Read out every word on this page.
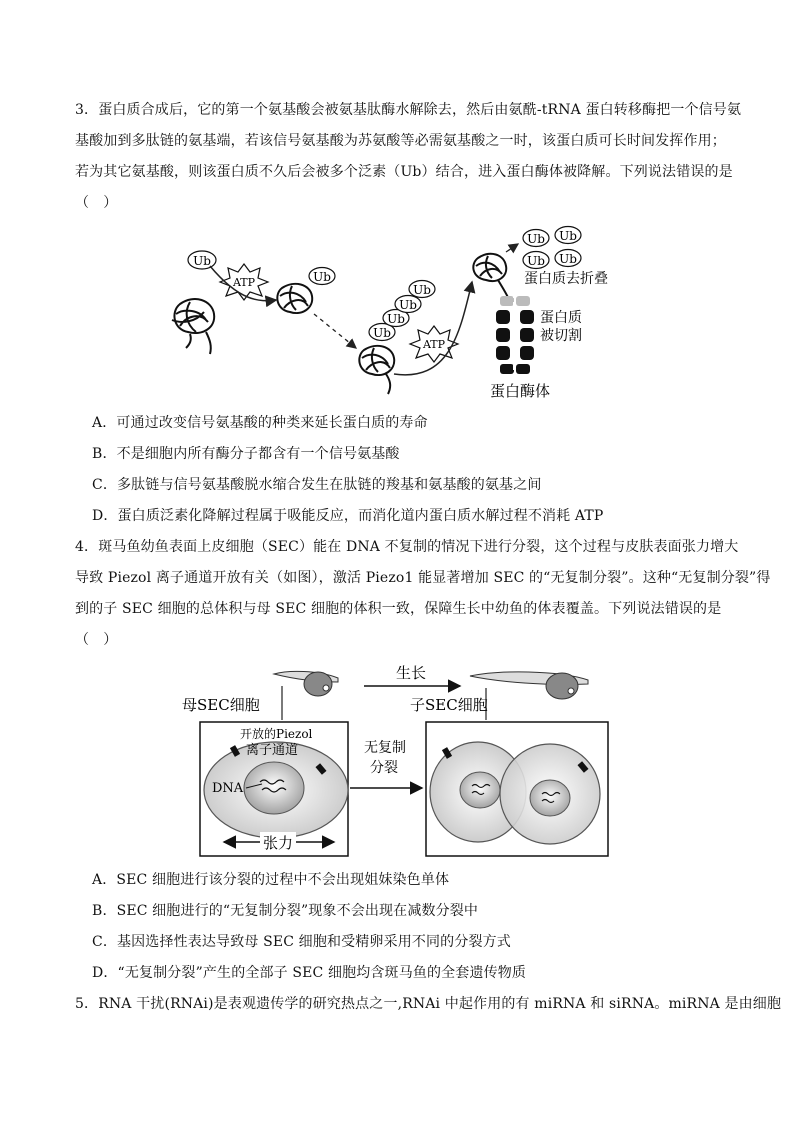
3．蛋白质合成后，它的第一个氨基酸会被氨基肽酶水解除去，然后由氨酰-tRNA 蛋白转移酶把一个信号氨
基酸加到多肽链的氨基端，若该信号氨基酸为苏氨酸等必需氨基酸之一时，该蛋白质可长时间发挥作用；
若为其它氨基酸，则该蛋白质不久后会被多个泛素（Ub）结合，进入蛋白酶体被降解。下列说法错误的是
（　）
Ub
ATP	Ub
Ub
Ub
Ub
Ub
ATP
Ub Ub
Ub Ub
蛋白质去折叠
蛋白质
被切割
蛋白酶体
A．可通过改变信号氨基酸的种类来延长蛋白质的寿命
B．不是细胞内所有酶分子都含有一个信号氨基酸
C．多肽链与信号氨基酸脱水缩合发生在肽链的羧基和氨基酸的氨基之间
D．蛋白质泛素化降解过程属于吸能反应，而消化道内蛋白质水解过程不消耗 ATP
4．斑马鱼幼鱼表面上皮细胞（SEC）能在 DNA 不复制的情况下进行分裂，这个过程与皮肤表面张力增大
导致 Piezol 离子通道开放有关（如图），激活 Piezo1 能显著增加 SEC 的“无复制分裂”。这种“无复制分裂”得
到的子 SEC 细胞的总体积与母 SEC 细胞的体积一致，保障生长中幼鱼的体表覆盖。下列说法错误的是
（　）
生长
母SEC细胞	子SEC细胞
开放的Piezol
离子通道
DNA
张力
无复制
分裂
A．SEC 细胞进行该分裂的过程中不会出现姐妹染色单体
B．SEC 细胞进行的“无复制分裂”现象不会出现在减数分裂中
C．基因选择性表达导致母 SEC 细胞和受精卵采用不同的分裂方式
D．“无复制分裂”产生的全部子 SEC 细胞均含斑马鱼的全套遗传物质
5．RNA 干扰(RNAi)是表观遗传学的研究热点之一,RNAi 中起作用的有 miRNA 和 siRNA。miRNA 是由细胞
